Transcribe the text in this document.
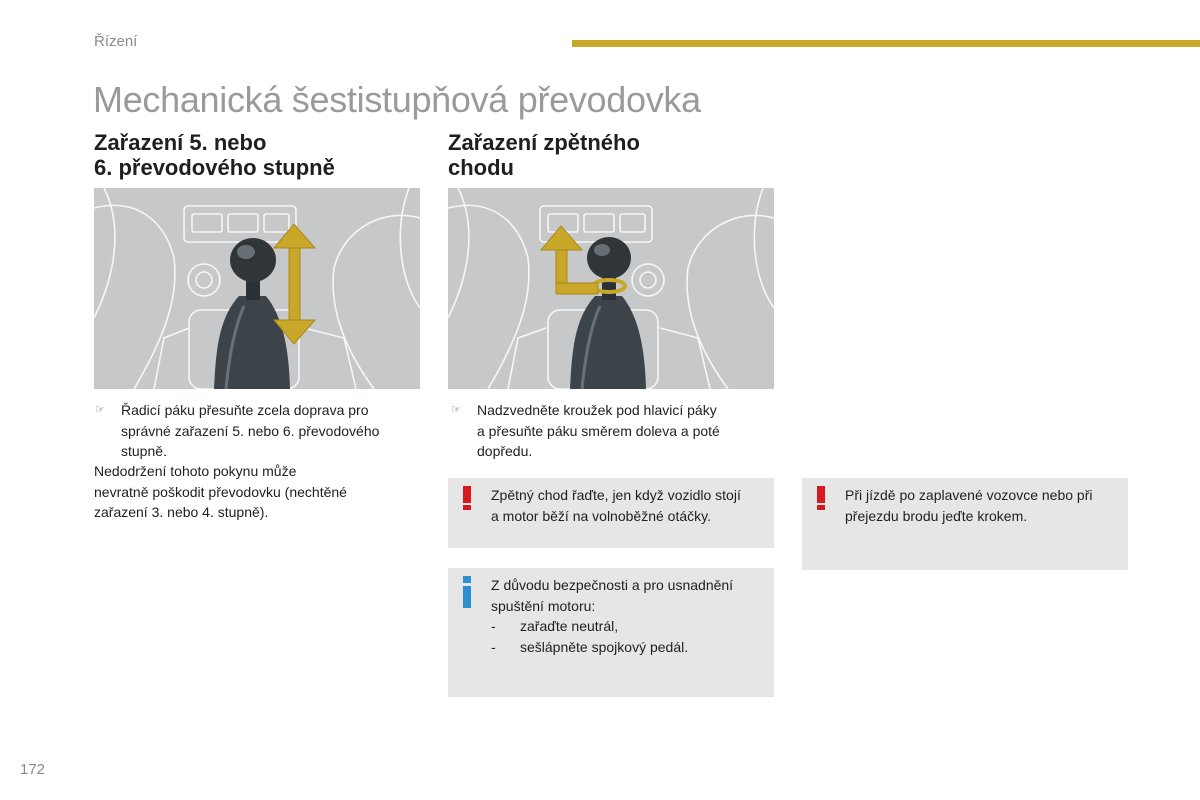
Řízení
Mechanická šestistupňová převodovka
Zařazení 5. nebo
6. převodového stupně
☞ Řadicí páku přesuňte zcela doprava pro
správné zařazení 5. nebo 6. převodového
stupně.
Nedodržení tohoto pokynu může
nevratně poškodit převodovku (nechtěné
zařazení 3. nebo 4. stupně).
Zařazení zpětného
chodu
☞ Nadzvedněte kroužek pod hlavicí páky
a přesuňte páku směrem doleva a poté
dopředu.
Zpětný chod řaďte, jen když vozidlo stojí
a motor běží na volnoběžné otáčky.
Při jízdě po zaplavené vozovce nebo při
přejezdu brodu jeďte krokem.
Z důvodu bezpečnosti a pro usnadnění
spuštění motoru:
- zařaďte neutrál,
- sešlápněte spojkový pedál.
172
